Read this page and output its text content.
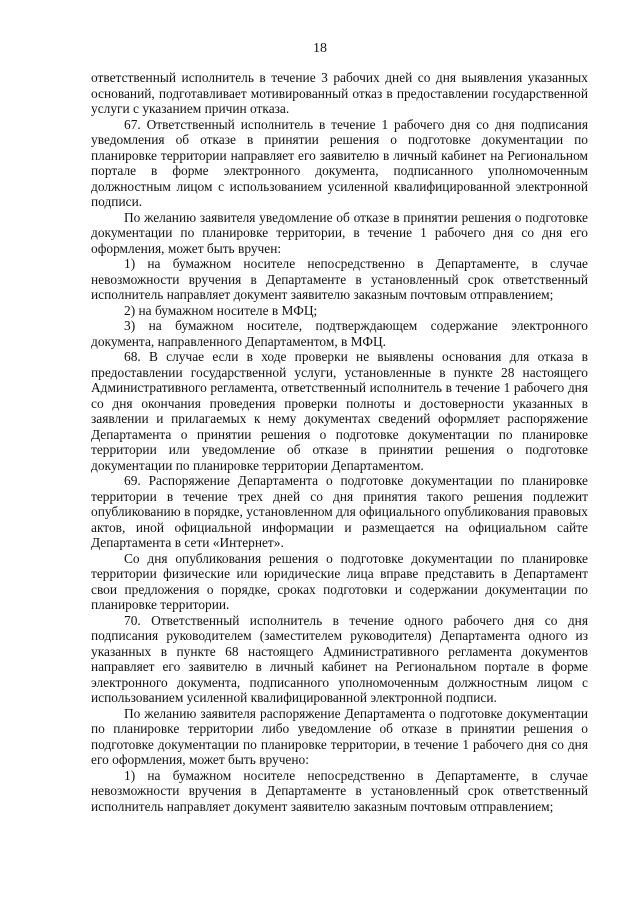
18

ответственный исполнитель в течение 3 рабочих дней со дня выявления указанных оснований, подготавливает мотивированный отказ в предоставлении государственной услуги с указанием причин отказа.

67. Ответственный исполнитель в течение 1 рабочего дня со дня подписания уведомления об отказе в принятии решения о подготовке документации по планировке территории направляет его заявителю в личный кабинет на Региональном портале в форме электронного документа, подписанного уполномоченным должностным лицом с использованием усиленной квалифицированной электронной подписи.

По желанию заявителя уведомление об отказе в принятии решения о подготовке документации по планировке территории, в течение 1 рабочего дня со дня его оформления, может быть вручен:

1) на бумажном носителе непосредственно в Департаменте, в случае невозможности вручения в Департаменте в установленный срок ответственный исполнитель направляет документ заявителю заказным почтовым отправлением;

2) на бумажном носителе в МФЦ;

3) на бумажном носителе, подтверждающем содержание электронного документа, направленного Департаментом, в МФЦ.

68. В случае если в ходе проверки не выявлены основания для отказа в предоставлении государственной услуги, установленные в пункте 28 настоящего Административного регламента, ответственный исполнитель в течение 1 рабочего дня со дня окончания проведения проверки полноты и достоверности указанных в заявлении и прилагаемых к нему документах сведений оформляет распоряжение Департамента о принятии решения о подготовке документации по планировке территории или уведомление об отказе в принятии решения о подготовке документации по планировке территории Департаментом.

69. Распоряжение Департамента о подготовке документации по планировке территории в течение трех дней со дня принятия такого решения подлежит опубликованию в порядке, установленном для официального опубликования правовых актов, иной официальной информации и размещается на официальном сайте Департамента в сети «Интернет».

Со дня опубликования решения о подготовке документации по планировке территории физические или юридические лица вправе представить в Департамент свои предложения о порядке, сроках подготовки и содержании документации по планировке территории.

70. Ответственный исполнитель в течение одного рабочего дня со дня подписания руководителем (заместителем руководителя) Департамента одного из указанных в пункте 68 настоящего Административного регламента документов направляет его заявителю в личный кабинет на Региональном портале в форме электронного документа, подписанного уполномоченным должностным лицом с использованием усиленной квалифицированной электронной подписи.

По желанию заявителя распоряжение Департамента о подготовке документации по планировке территории либо уведомление об отказе в принятии решения о подготовке документации по планировке территории, в течение 1 рабочего дня со дня его оформления, может быть вручено:

1) на бумажном носителе непосредственно в Департаменте, в случае невозможности вручения в Департаменте в установленный срок ответственный исполнитель направляет документ заявителю заказным почтовым отправлением;
